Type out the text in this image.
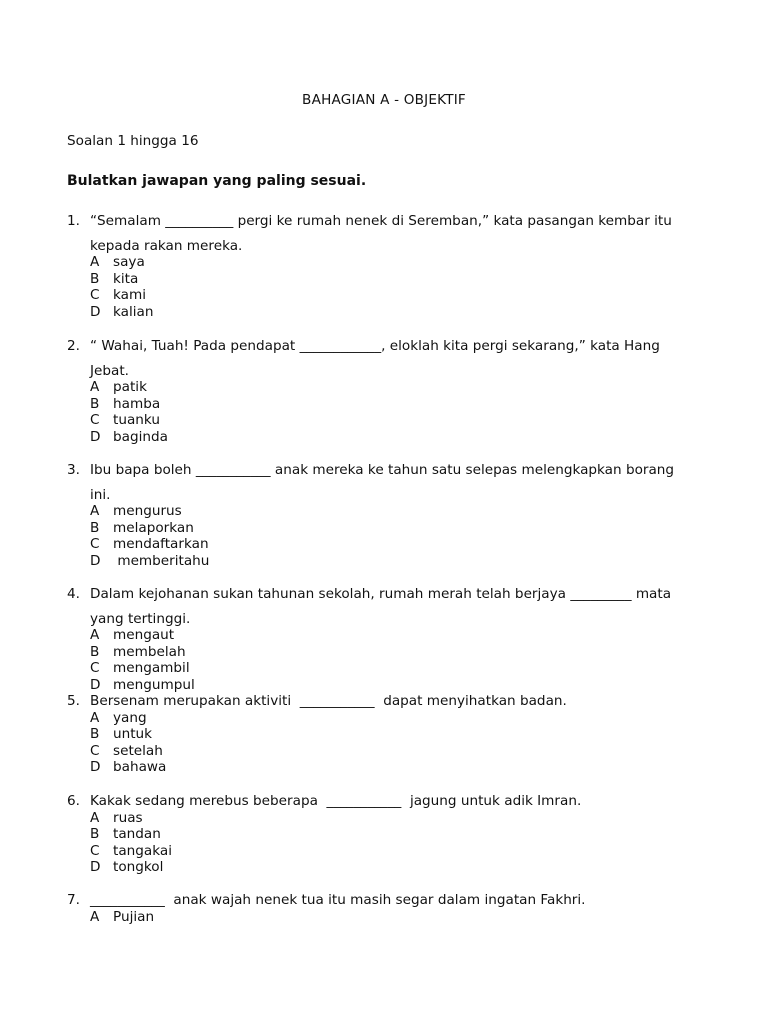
BAHAGIAN A - OBJEKTIF
Soalan 1 hingga 16
Bulatkan jawapan yang paling sesuai.
1. “Semalam __________ pergi ke rumah nenek di Seremban,” kata pasangan kembar itu
kepada rakan mereka.
A	saya
B	kita
C kami
D kalian
2. “ Wahai, Tuah! Pada pendapat ____________, eloklah kita pergi sekarang,” kata Hang
Jebat.
A	patik
B	hamba
C tuanku
D baginda
3. Ibu bapa boleh ___________ anak mereka ke tahun satu selepas melengkapkan borang
ini.
A	mengurus
B	melaporkan
C mendaftarkan
D memberitahu
4. Dalam kejohanan sukan tahunan sekolah, rumah merah telah berjaya _________ mata
yang tertinggi.
A	mengaut
B	membelah
C mengambil
D mengumpul
5. Bersenam merupakan aktiviti  ___________  dapat menyihatkan badan.
A	yang
B	untuk
C setelah
D bahawa
6. Kakak sedang merebus beberapa  ___________  jagung untuk adik Imran.
A	ruas
B	tandan
C tangakai
D tongkol
7. ___________  anak wajah nenek tua itu masih segar dalam ingatan Fakhri.
A	Pujian
